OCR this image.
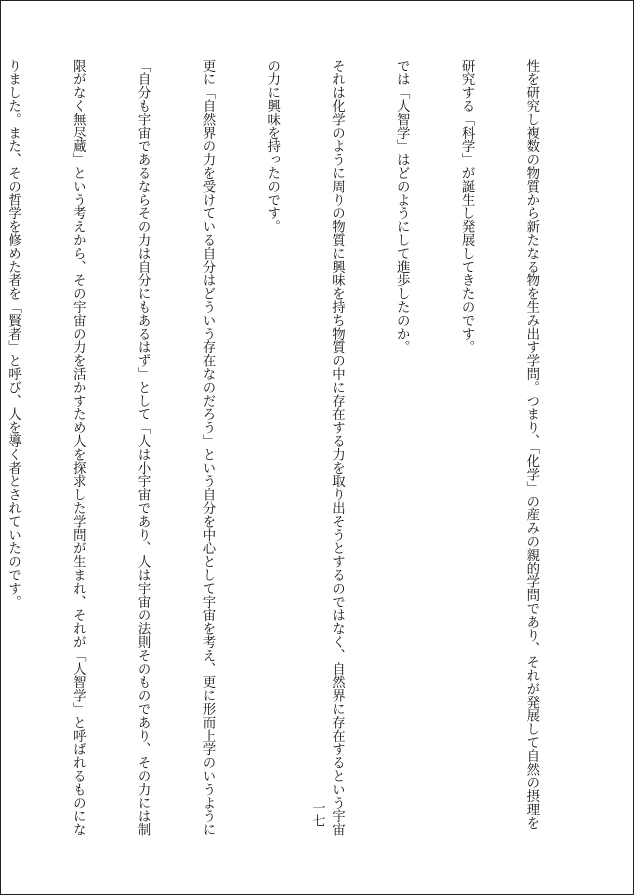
性を研究し複数の物質から新たなる物を生み出す学問。つまり、「化学」の産みの親的学問であり、それが発展して自然の摂理を

研究する「科学」が誕生し発展してきたのです。

では「人智学」はどのようにして進歩したのか。

それは化学のように周りの物質に興味を持ち物質の中に存在する力を取り出そうとするのではなく、自然界に存在するという宇宙

の力に興味を持ったのです。

更に「自然界の力を受けている自分はどういう存在なのだろう」という自分を中心として宇宙を考え、更に形而上学のいうように

「自分も宇宙であるならその力は自分にもあるはず」として「人は小宇宙であり、人は宇宙の法則そのものであり、その力には制

限がなく無尽蔵」という考えから、その宇宙の力を活かすため人を探求した学問が生まれ、それが「人智学」と呼ばれるものにな

りました。また、その哲学を修めた者を「賢者」と呼び、人を導く者とされていたのです。

一七
